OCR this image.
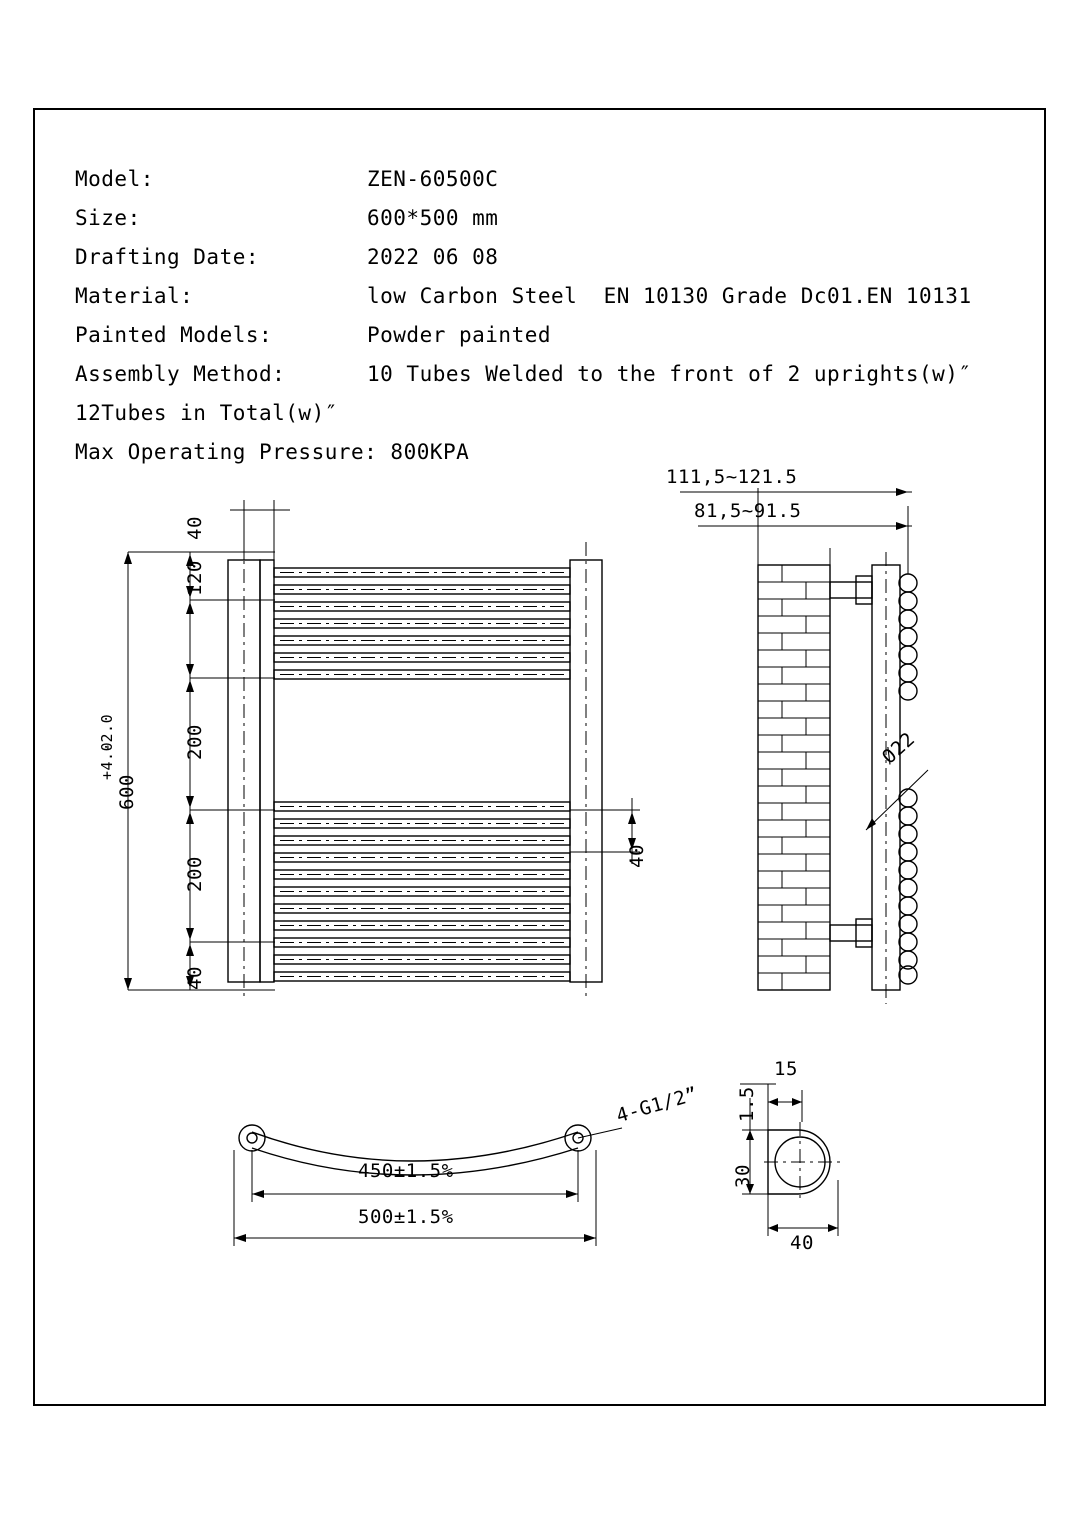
Model:	ZEN-60500C
Size:	600*500 mm
Drafting Date:	2022 06 08
Material:	low Carbon Steel  EN 10130 Grade Dc01.EN 10131
Painted Models:	Powder painted
Assembly Method:	10 Tubes Welded to the front of 2 uprights(w)″
12Tubes in Total(w)″
Max Operating Pressure: 800KPA
120
200
200
40
40
40
600
+4.0
-2.0
111,5~121.5
81,5~91.5
Ø22
450±1.5%
500±1.5%
4-G1/2” 1.5
15
30
40
